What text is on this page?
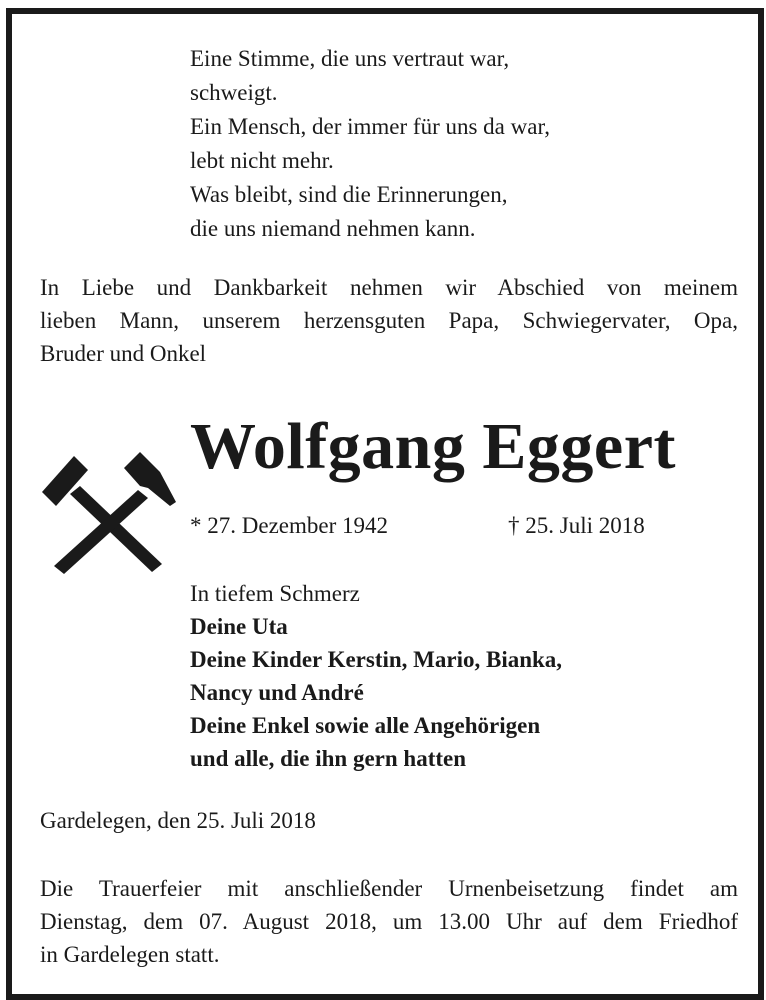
Eine Stimme, die uns vertraut war,
schweigt.
Ein Mensch, der immer für uns da war,
lebt nicht mehr.
Was bleibt, sind die Erinnerungen,
die uns niemand nehmen kann.
In Liebe und Dankbarkeit nehmen wir Abschied von meinem
lieben Mann, unserem herzensguten Papa, Schwiegervater, Opa,
Bruder und Onkel
Wolfgang Eggert
* 27. Dezember 1942	† 25. Juli 2018
In tiefem Schmerz
Deine Uta
Deine Kinder Kerstin, Mario, Bianka,
Nancy und André
Deine Enkel sowie alle Angehörigen
und alle, die ihn gern hatten
Gardelegen, den 25. Juli 2018
Die Trauerfeier mit anschließender Urnenbeisetzung findet am
Dienstag, dem 07. August 2018, um 13.00 Uhr auf dem Friedhof
in Gardelegen statt.
